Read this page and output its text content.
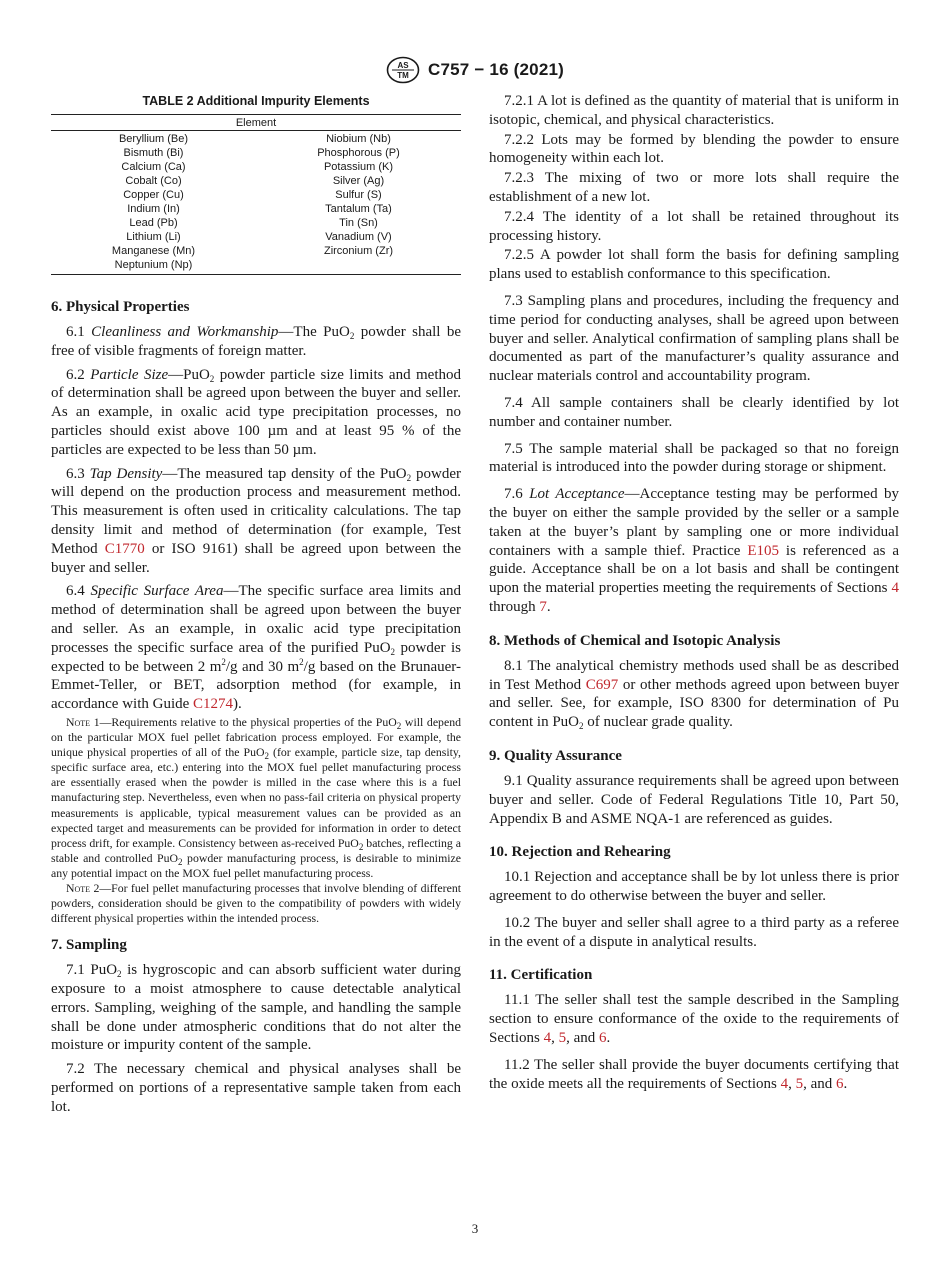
AS
TM C757 − 16 (2021)
TABLE 2 Additional Impurity Elements
Element
Beryllium (Be)
Bismuth (Bi)
Calcium (Ca)
Cobalt (Co)
Copper (Cu)
Indium (In)
Lead (Pb)
Lithium (Li)
Manganese (Mn)
Neptunium (Np)
Niobium (Nb)
Phosphorous (P)
Potassium (K)
Silver (Ag)
Sulfur (S)
Tantalum (Ta)
Tin (Sn)
Vanadium (V)
Zirconium (Zr)
6. Physical Properties

6.1 Cleanliness and Workmanship—The PuO$_2$ powder shall be free of visible fragments of foreign matter.

6.2 Particle Size—PuO$_2$ powder particle size limits and method of determination shall be agreed upon between the buyer and seller. As an example, in oxalic acid type precipitation processes, no particles should exist above 100 µm and at least 95 % of the particles are expected to be less than 50 µm.

6.3 Tap Density—The measured tap density of the PuO$_2$ powder will depend on the production process and measurement method. This measurement is often used in criticality calculations. The tap density limit and method of determination (for example, Test Method C1770 or ISO 9161) shall be agreed upon between the buyer and seller.

6.4 Specific Surface Area—The specific surface area limits and method of determination shall be agreed upon between the buyer and seller. As an example, in oxalic acid type precipitation processes the specific surface area of the purified PuO$_2$ powder is expected to be between 2 $m^2/g$ and 30 $m^2/g$ based on the Brunauer-Emmet-Teller, or BET, adsorption method (for example, in accordance with Guide C1274).

Note 1—Requirements relative to the physical properties of the PuO$_2$ will depend on the particular MOX fuel pellet fabrication process employed. For example, the unique physical properties of all of the PuO$_2$ (for example, particle size, tap density, specific surface area, etc.) entering into the MOX fuel pellet manufacturing process are essentially erased when the powder is milled in the case where this is a fuel manufacturing step. Nevertheless, even when no pass-fail criteria on physical property measurements is applicable, typical measurement values can be provided as an expected target and measurements can be provided for information in order to detect process drift, for example. Consistency between as-received PuO$_2$ batches, reflecting a stable and controlled PuO$_2$ powder manufacturing process, is desirable to minimize any potential impact on the MOX fuel pellet manufacturing process.
Note 2—For fuel pellet manufacturing processes that involve blending of different powders, consideration should be given to the compatibility of powders with widely different physical properties within the intended process.
7. Sampling

7.1 PuO$_2$ is hygroscopic and can absorb sufficient water during exposure to a moist atmosphere to cause detectable analytical errors. Sampling, weighing of the sample, and handling the sample shall be done under atmospheric conditions that do not alter the moisture or impurity content of the sample.

7.2 The necessary chemical and physical analyses shall be performed on portions of a representative sample taken from each lot.

7.2.1 A lot is defined as the quantity of material that is uniform in isotopic, chemical, and physical characteristics.

7.2.2 Lots may be formed by blending the powder to ensure homogeneity within each lot.

7.2.3 The mixing of two or more lots shall require the establishment of a new lot.

7.2.4 The identity of a lot shall be retained throughout its processing history.

7.2.5 A powder lot shall form the basis for defining sampling plans used to establish conformance to this specification.

7.3 Sampling plans and procedures, including the frequency and time period for conducting analyses, shall be agreed upon between buyer and seller. Analytical confirmation of sampling plans shall be documented as part of the manufacturer’s quality assurance and nuclear materials control and accountability program.

7.4 All sample containers shall be clearly identified by lot number and container number.

7.5 The sample material shall be packaged so that no foreign material is introduced into the powder during storage or shipment.

7.6 Lot Acceptance—Acceptance testing may be performed by the buyer on either the sample provided by the seller or a sample taken at the buyer’s plant by sampling one or more individual containers with a sample thief. Practice E105 is referenced as a guide. Acceptance shall be on a lot basis and shall be contingent upon the material properties meeting the requirements of Sections 4 through 7.

8. Methods of Chemical and Isotopic Analysis

8.1 The analytical chemistry methods used shall be as described in Test Method C697 or other methods agreed upon between buyer and seller. See, for example, ISO 8300 for determination of Pu content in PuO$_2$ of nuclear grade quality.

9. Quality Assurance

9.1 Quality assurance requirements shall be agreed upon between buyer and seller. Code of Federal Regulations Title 10, Part 50, Appendix B and ASME NQA-1 are referenced as guides.

10. Rejection and Rehearing

10.1 Rejection and acceptance shall be by lot unless there is prior agreement to do otherwise between the buyer and seller.

10.2 The buyer and seller shall agree to a third party as a referee in the event of a dispute in analytical results.

11. Certification

11.1 The seller shall test the sample described in the Sampling section to ensure conformance of the oxide to the requirements of Sections 4, 5, and 6.

11.2 The seller shall provide the buyer documents certifying that the oxide meets all the requirements of Sections 4, 5, and 6.

3
